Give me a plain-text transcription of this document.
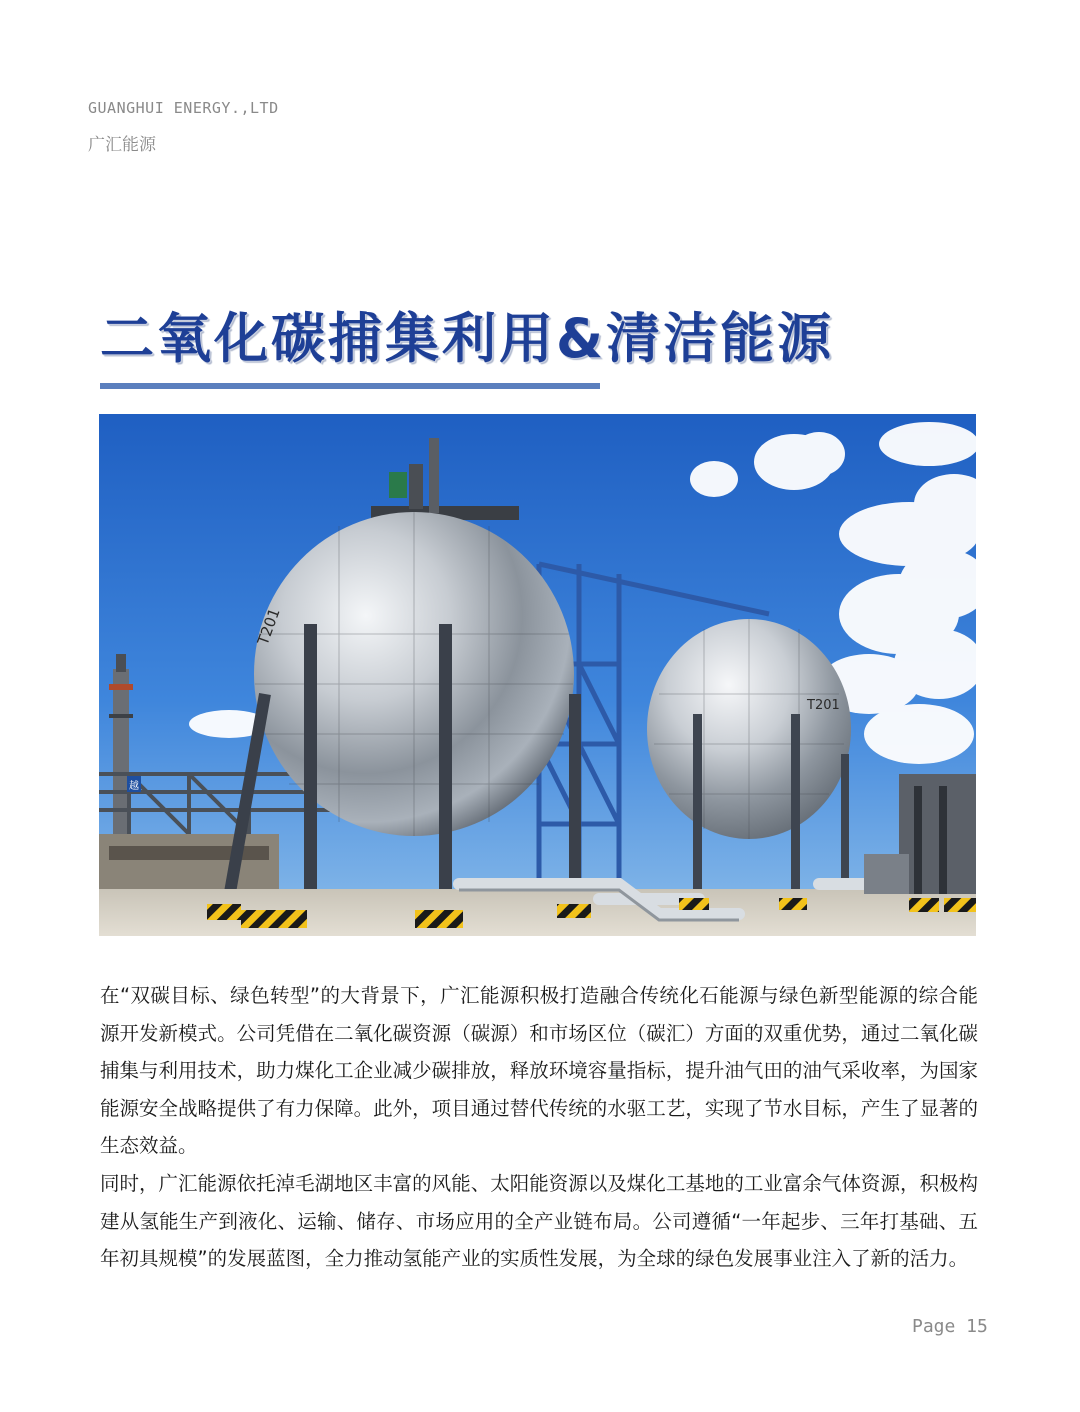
GUANGHUI ENERGY.,LTD
广汇能源
二氧化碳捕集利用&清洁能源
T201
T201
越

在“双碳目标、绿色转型”的大背景下，广汇能源积极打造融合传统化石能源与绿色新型能源的综合能源开发新模式。公司凭借在二氧化碳资源（碳源）和市场区位（碳汇）方面的双重优势，通过二氧化碳捕集与利用技术，助力煤化工企业减少碳排放，释放环境容量指标，提升油气田的油气采收率，为国家能源安全战略提供了有力保障。此外，项目通过替代传统的水驱工艺，实现了节水目标，产生了显著的生态效益。

同时，广汇能源依托淖毛湖地区丰富的风能、太阳能资源以及煤化工基地的工业富余气体资源，积极构建从氢能生产到液化、运输、储存、市场应用的全产业链布局。公司遵循“一年起步、三年打基础、五年初具规模”的发展蓝图，全力推动氢能产业的实质性发展，为全球的绿色发展事业注入了新的活力。

Page 15
